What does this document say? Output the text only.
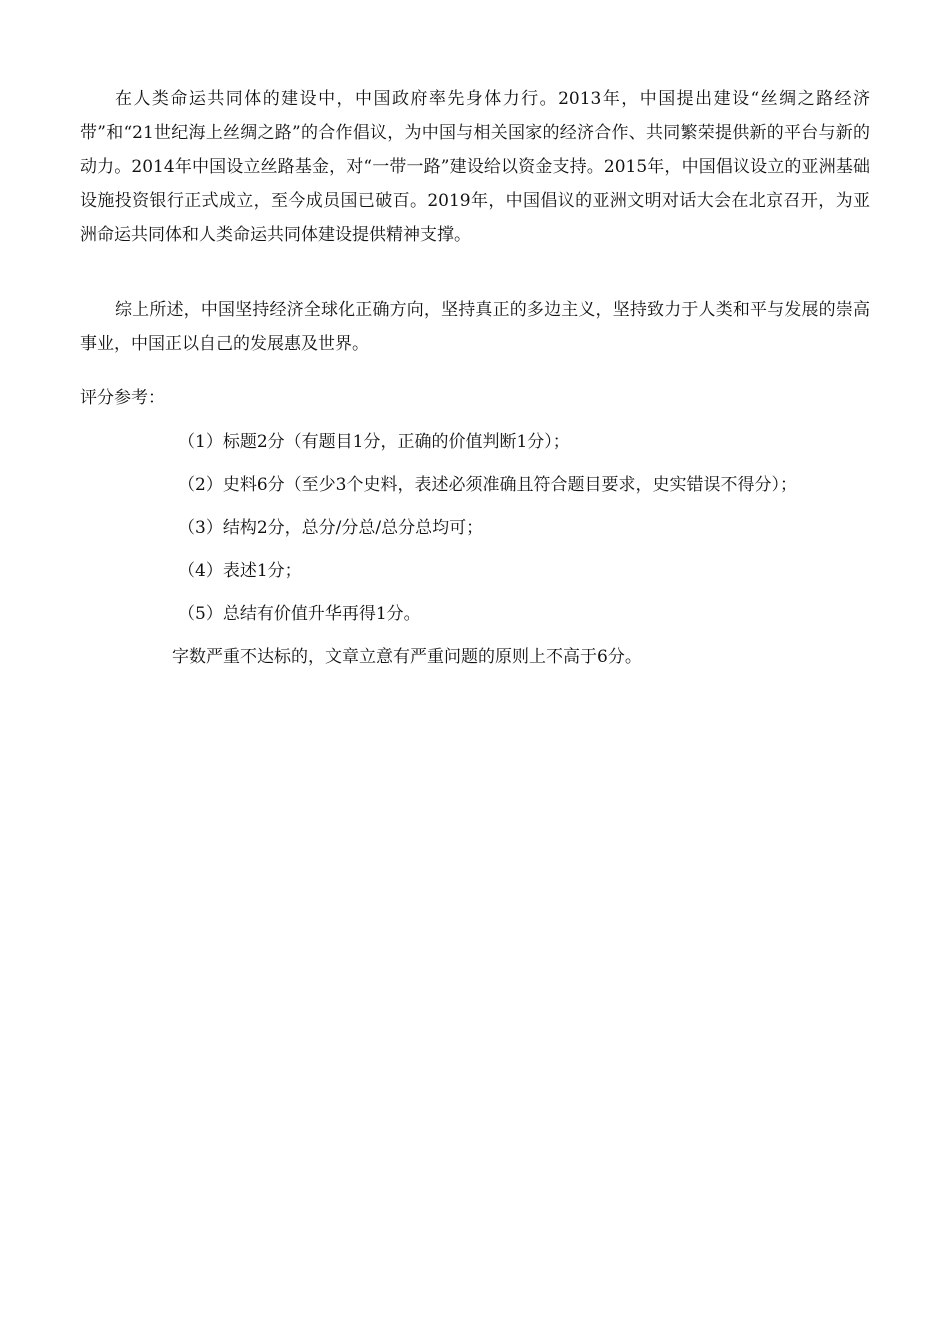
在人类命运共同体的建设中，中国政府率先身体力行。2013年，中国提出建设“丝绸之路经济带”和“21世纪海上丝绸之路”的合作倡议，为中国与相关国家的经济合作、共同繁荣提供新的平台与新的动力。2014年中国设立丝路基金，对“一带一路”建设给以资金支持。2015年，中国倡议设立的亚洲基础设施投资银行正式成立，至今成员国已破百。2019年，中国倡议的亚洲文明对话大会在北京召开，为亚洲命运共同体和人类命运共同体建设提供精神支撑。

综上所述，中国坚持经济全球化正确方向，坚持真正的多边主义，坚持致力于人类和平与发展的崇高事业，中国正以自己的发展惠及世界。

评分参考：

（1）标题2分（有题目1分，正确的价值判断1分）；
（2）史料6分（至少3个史料，表述必须准确且符合题目要求，史实错误不得分）；
（3）结构2分，总分/分总/总分总均可；
（4）表述1分；
（5）总结有价值升华再得1分。

字数严重不达标的，文章立意有严重问题的原则上不高于6分。
